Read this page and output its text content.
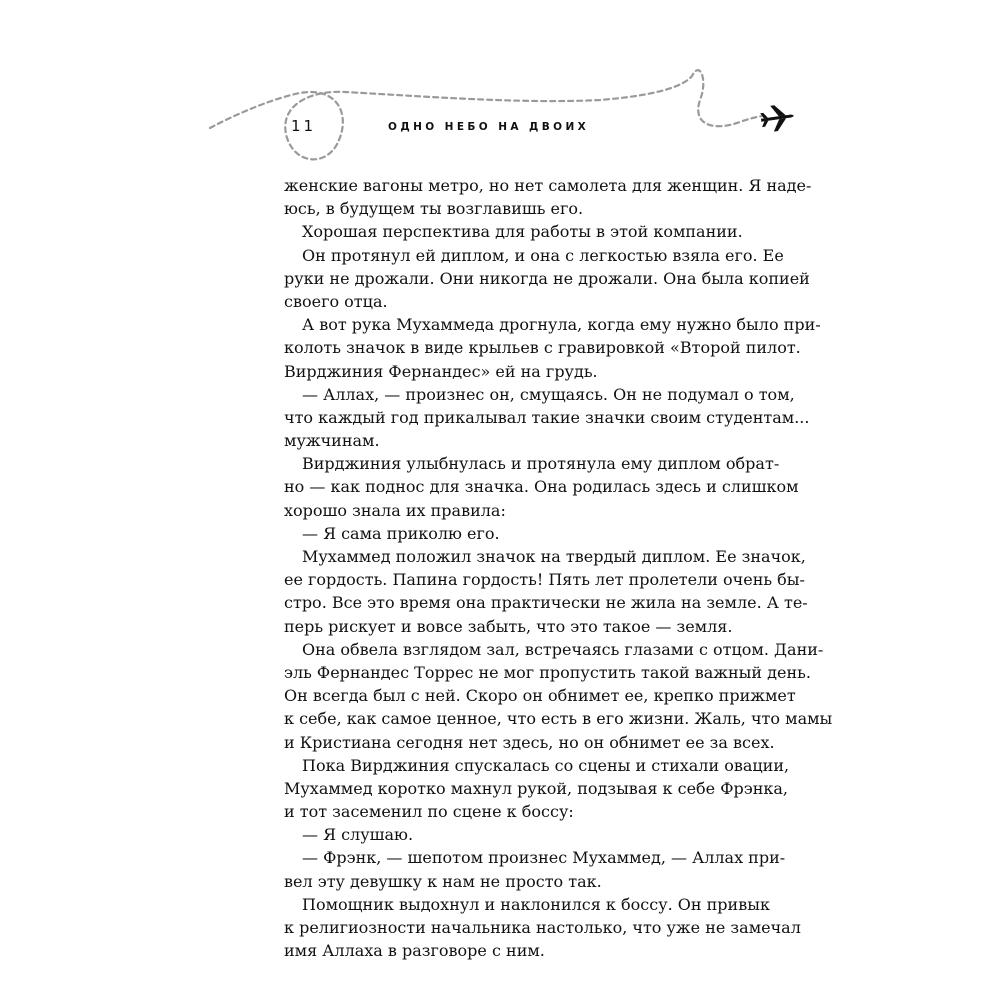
11	ОДНО НЕБО НА ДВОИХ
женские вагоны метро, но нет самолета для женщин. Я наде-
юсь, в будущем ты возглавишь его.
Хорошая перспектива для работы в этой компании.
Он протянул ей диплом, и она с легкостью взяла его. Ее
руки не дрожали. Они никогда не дрожали. Она была копией
своего отца.
А вот рука Мухаммеда дрогнула, когда ему нужно было при-
колоть значок в виде крыльев с гравировкой «Второй пилот.
Вирджиния Фернандес» ей на грудь.
— Аллах, — произнес он, смущаясь. Он не подумал о том,
что каждый год прикалывал такие значки своим студентам...
мужчинам.
Вирджиния улыбнулась и протянула ему диплом обрат-
но — как поднос для значка. Она родилась здесь и слишком
хорошо знала их правила:
— Я сама приколю его.
Мухаммед положил значок на твердый диплом. Ее значок,
ее гордость. Папина гордость! Пять лет пролетели очень бы-
стро. Все это время она практически не жила на земле. А те-
перь рискует и вовсе забыть, что это такое — земля.
Она обвела взглядом зал, встречаясь глазами с отцом. Дани-
эль Фернандес Торрес не мог пропустить такой важный день.
Он всегда был с ней. Скоро он обнимет ее, крепко прижмет
к себе, как самое ценное, что есть в его жизни. Жаль, что мамы
и Кристиана сегодня нет здесь, но он обнимет ее за всех.
Пока Вирджиния спускалась со сцены и стихали овации,
Мухаммед коротко махнул рукой, подзывая к себе Фрэнка,
и тот засеменил по сцене к боссу:
— Я слушаю.
— Фрэнк, — шепотом произнес Мухаммед, — Аллах при-
вел эту девушку к нам не просто так.
Помощник выдохнул и наклонился к боссу. Он привык
к религиозности начальника настолько, что уже не замечал
имя Аллаха в разговоре с ним.
